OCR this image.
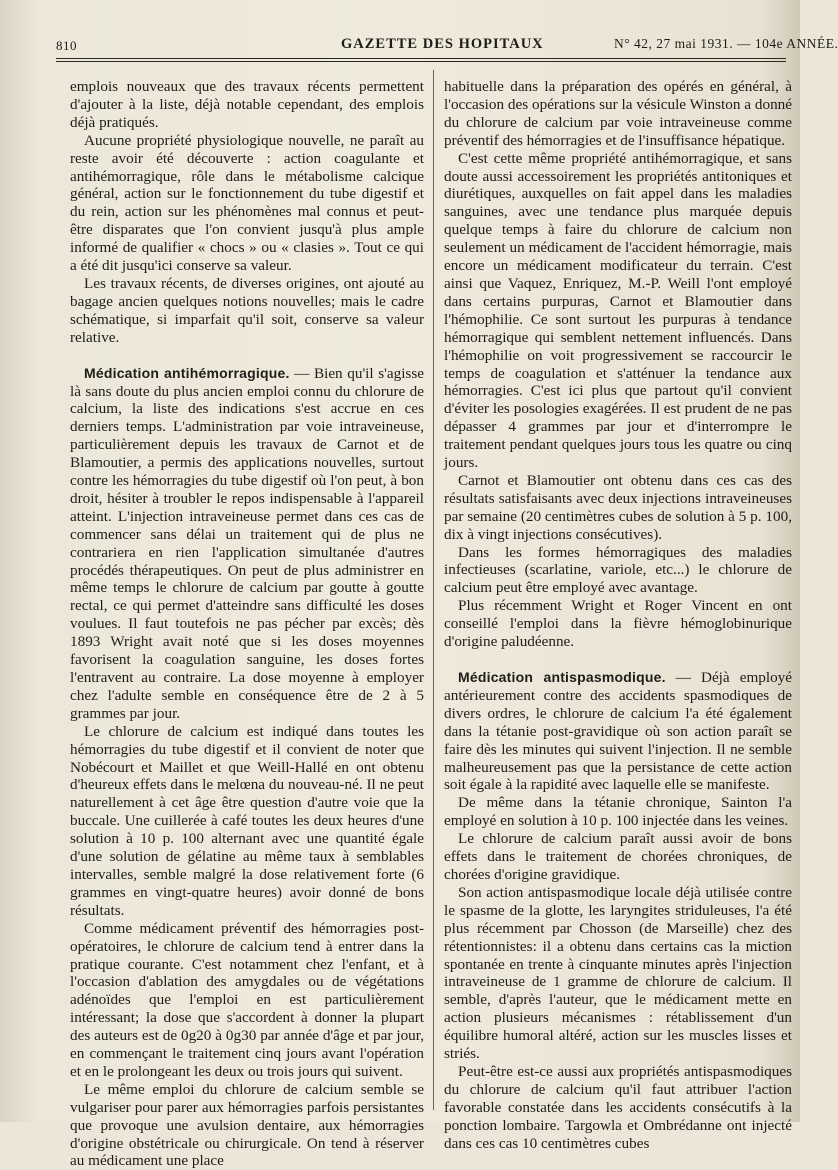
810	GAZETTE DES HOPITAUX	N° 42, 27 mai 1931. — 104e ANNÉE.

emplois nouveaux que des travaux récents permettent d'ajouter à la liste, déjà notable cependant, des emplois déjà pratiqués.

Aucune propriété physiologique nouvelle, ne paraît au reste avoir été découverte : action coagulante et antihémorragique, rôle dans le métabolisme calcique général, action sur le fonctionnement du tube digestif et du rein, action sur les phénomènes mal connus et peut-être disparates que l'on convient jusqu'à plus ample informé de qualifier « chocs » ou « clasies ». Tout ce qui a été dit jusqu'ici conserve sa valeur.

Les travaux récents, de diverses origines, ont ajouté au bagage ancien quelques notions nouvelles; mais le cadre schématique, si imparfait qu'il soit, conserve sa valeur relative.

Médication antihémorragique. — Bien qu'il s'agisse là sans doute du plus ancien emploi connu du chlorure de calcium, la liste des indications s'est accrue en ces derniers temps. L'administration par voie intraveineuse, particulièrement depuis les travaux de Carnot et de Blamoutier, a permis des applications nouvelles, surtout contre les hémorragies du tube digestif où l'on peut, à bon droit, hésiter à troubler le repos indispensable à l'appareil atteint. L'injection intraveineuse permet dans ces cas de commencer sans délai un traitement qui de plus ne contrariera en rien l'application simultanée d'autres procédés thérapeutiques. On peut de plus administrer en même temps le chlorure de calcium par goutte à goutte rectal, ce qui permet d'atteindre sans difficulté les doses voulues. Il faut toutefois ne pas pécher par excès; dès 1893 Wright avait noté que si les doses moyennes favorisent la coagulation sanguine, les doses fortes l'entravent au contraire. La dose moyenne à employer chez l'adulte semble en conséquence être de 2 à 5 grammes par jour.

Le chlorure de calcium est indiqué dans toutes les hémorragies du tube digestif et il convient de noter que Nobécourt et Maillet et que Weill-Hallé en ont obtenu d'heureux effets dans le melœna du nouveau-né. Il ne peut naturellement à cet âge être question d'autre voie que la buccale. Une cuillerée à café toutes les deux heures d'une solution à 10 p. 100 alternant avec une quantité égale d'une solution de gélatine au même taux à semblables intervalles, semble malgré la dose relativement forte (6 grammes en vingt-quatre heures) avoir donné de bons résultats.

Comme médicament préventif des hémorragies post-opératoires, le chlorure de calcium tend à entrer dans la pratique courante. C'est notamment chez l'enfant, et à l'occasion d'ablation des amygdales ou de végétations adénoïdes que l'emploi en est particulièrement intéressant; la dose que s'accordent à donner la plupart des auteurs est de 0g20 à 0g30 par année d'âge et par jour, en commençant le traitement cinq jours avant l'opération et en le prolongeant les deux ou trois jours qui suivent.

Le même emploi du chlorure de calcium semble se vulgariser pour parer aux hémorragies parfois persistantes que provoque une avulsion dentaire, aux hémorragies d'origine obstétricale ou chirurgicale. On tend à réserver au médicament une place

habituelle dans la préparation des opérés en général, à l'occasion des opérations sur la vésicule Winston a donné du chlorure de calcium par voie intraveineuse comme préventif des hémorragies et de l'insuffisance hépatique.

C'est cette même propriété antihémorragique, et sans doute aussi accessoirement les propriétés antitoniques et diurétiques, auxquelles on fait appel dans les maladies sanguines, avec une tendance plus marquée depuis quelque temps à faire du chlorure de calcium non seulement un médicament de l'accident hémorragie, mais encore un médicament modificateur du terrain. C'est ainsi que Vaquez, Enriquez, M.-P. Weill l'ont employé dans certains purpuras, Carnot et Blamoutier dans l'hémophilie. Ce sont surtout les purpuras à tendance hémorragique qui semblent nettement influencés. Dans l'hémophilie on voit progressivement se raccourcir le temps de coagulation et s'atténuer la tendance aux hémorragies. C'est ici plus que partout qu'il convient d'éviter les posologies exagérées. Il est prudent de ne pas dépasser 4 grammes par jour et d'interrompre le traitement pendant quelques jours tous les quatre ou cinq jours.

Carnot et Blamoutier ont obtenu dans ces cas des résultats satisfaisants avec deux injections intraveineuses par semaine (20 centimètres cubes de solution à 5 p. 100, dix à vingt injections consécutives).

Dans les formes hémorragiques des maladies infectieuses (scarlatine, variole, etc...) le chlorure de calcium peut être employé avec avantage.

Plus récemment Wright et Roger Vincent en ont conseillé l'emploi dans la fièvre hémoglobinurique d'origine paludéenne.

Médication antispasmodique. — Déjà employé antérieurement contre des accidents spasmodiques de divers ordres, le chlorure de calcium l'a été également dans la tétanie post-gravidique où son action paraît se faire dès les minutes qui suivent l'injection. Il ne semble malheureusement pas que la persistance de cette action soit égale à la rapidité avec laquelle elle se manifeste.

De même dans la tétanie chronique, Sainton l'a employé en solution à 10 p. 100 injectée dans les veines.

Le chlorure de calcium paraît aussi avoir de bons effets dans le traitement de chorées chroniques, de chorées d'origine gravidique.

Son action antispasmodique locale déjà utilisée contre le spasme de la glotte, les laryngites striduleuses, l'a été plus récemment par Chosson (de Marseille) chez des rétentionnistes: il a obtenu dans certains cas la miction spontanée en trente à cinquante minutes après l'injection intraveineuse de 1 gramme de chlorure de calcium. Il semble, d'après l'auteur, que le médicament mette en action plusieurs mécanismes : rétablissement d'un équilibre humoral altéré, action sur les muscles lisses et striés.

Peut-être est-ce aussi aux propriétés antispasmodiques du chlorure de calcium qu'il faut attribuer l'action favorable constatée dans les accidents consécutifs à la ponction lombaire. Targowla et Ombrédanne ont injecté dans ces cas 10 centimètres cubes
